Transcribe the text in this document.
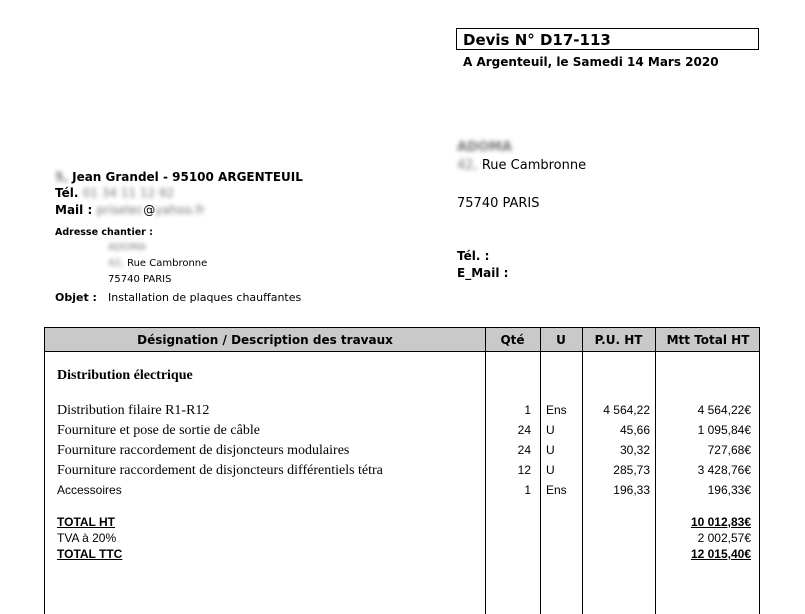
Devis N° D17-113
A Argenteuil, le Samedi 14 Mars 2020
ADOMA
42, Rue Cambronne
75740 PARIS
Tél. :
E_Mail :
5, Jean Grandel - 95100 ARGENTEUIL
Tél. 01 34 11 12 92
Mail : priselec@yahoo.fr
Adresse chantier :
ADOMA
42, Rue Cambronne
75740 PARIS
Objet : Installation de plaques chauffantes
Désignation / Description des travaux	Qté	U	P.U. HT	Mtt Total HT
Distribution électrique
Distribution filaire R1-R12	1 Ens	4 564,22	4 564,22€
Fourniture et pose de sortie de câble	24 U	45,66	1 095,84€
Fourniture raccordement de disjoncteurs modulaires	24 U	30,32	727,68€
Fourniture raccordement de disjoncteurs différentiels tétra	12 U	285,73	3 428,76€
Accessoires	1 Ens	196,33	196,33€
TOTAL HT	10 012,83€
TVA à 20%	2 002,57€
TOTAL TTC	12 015,40€
